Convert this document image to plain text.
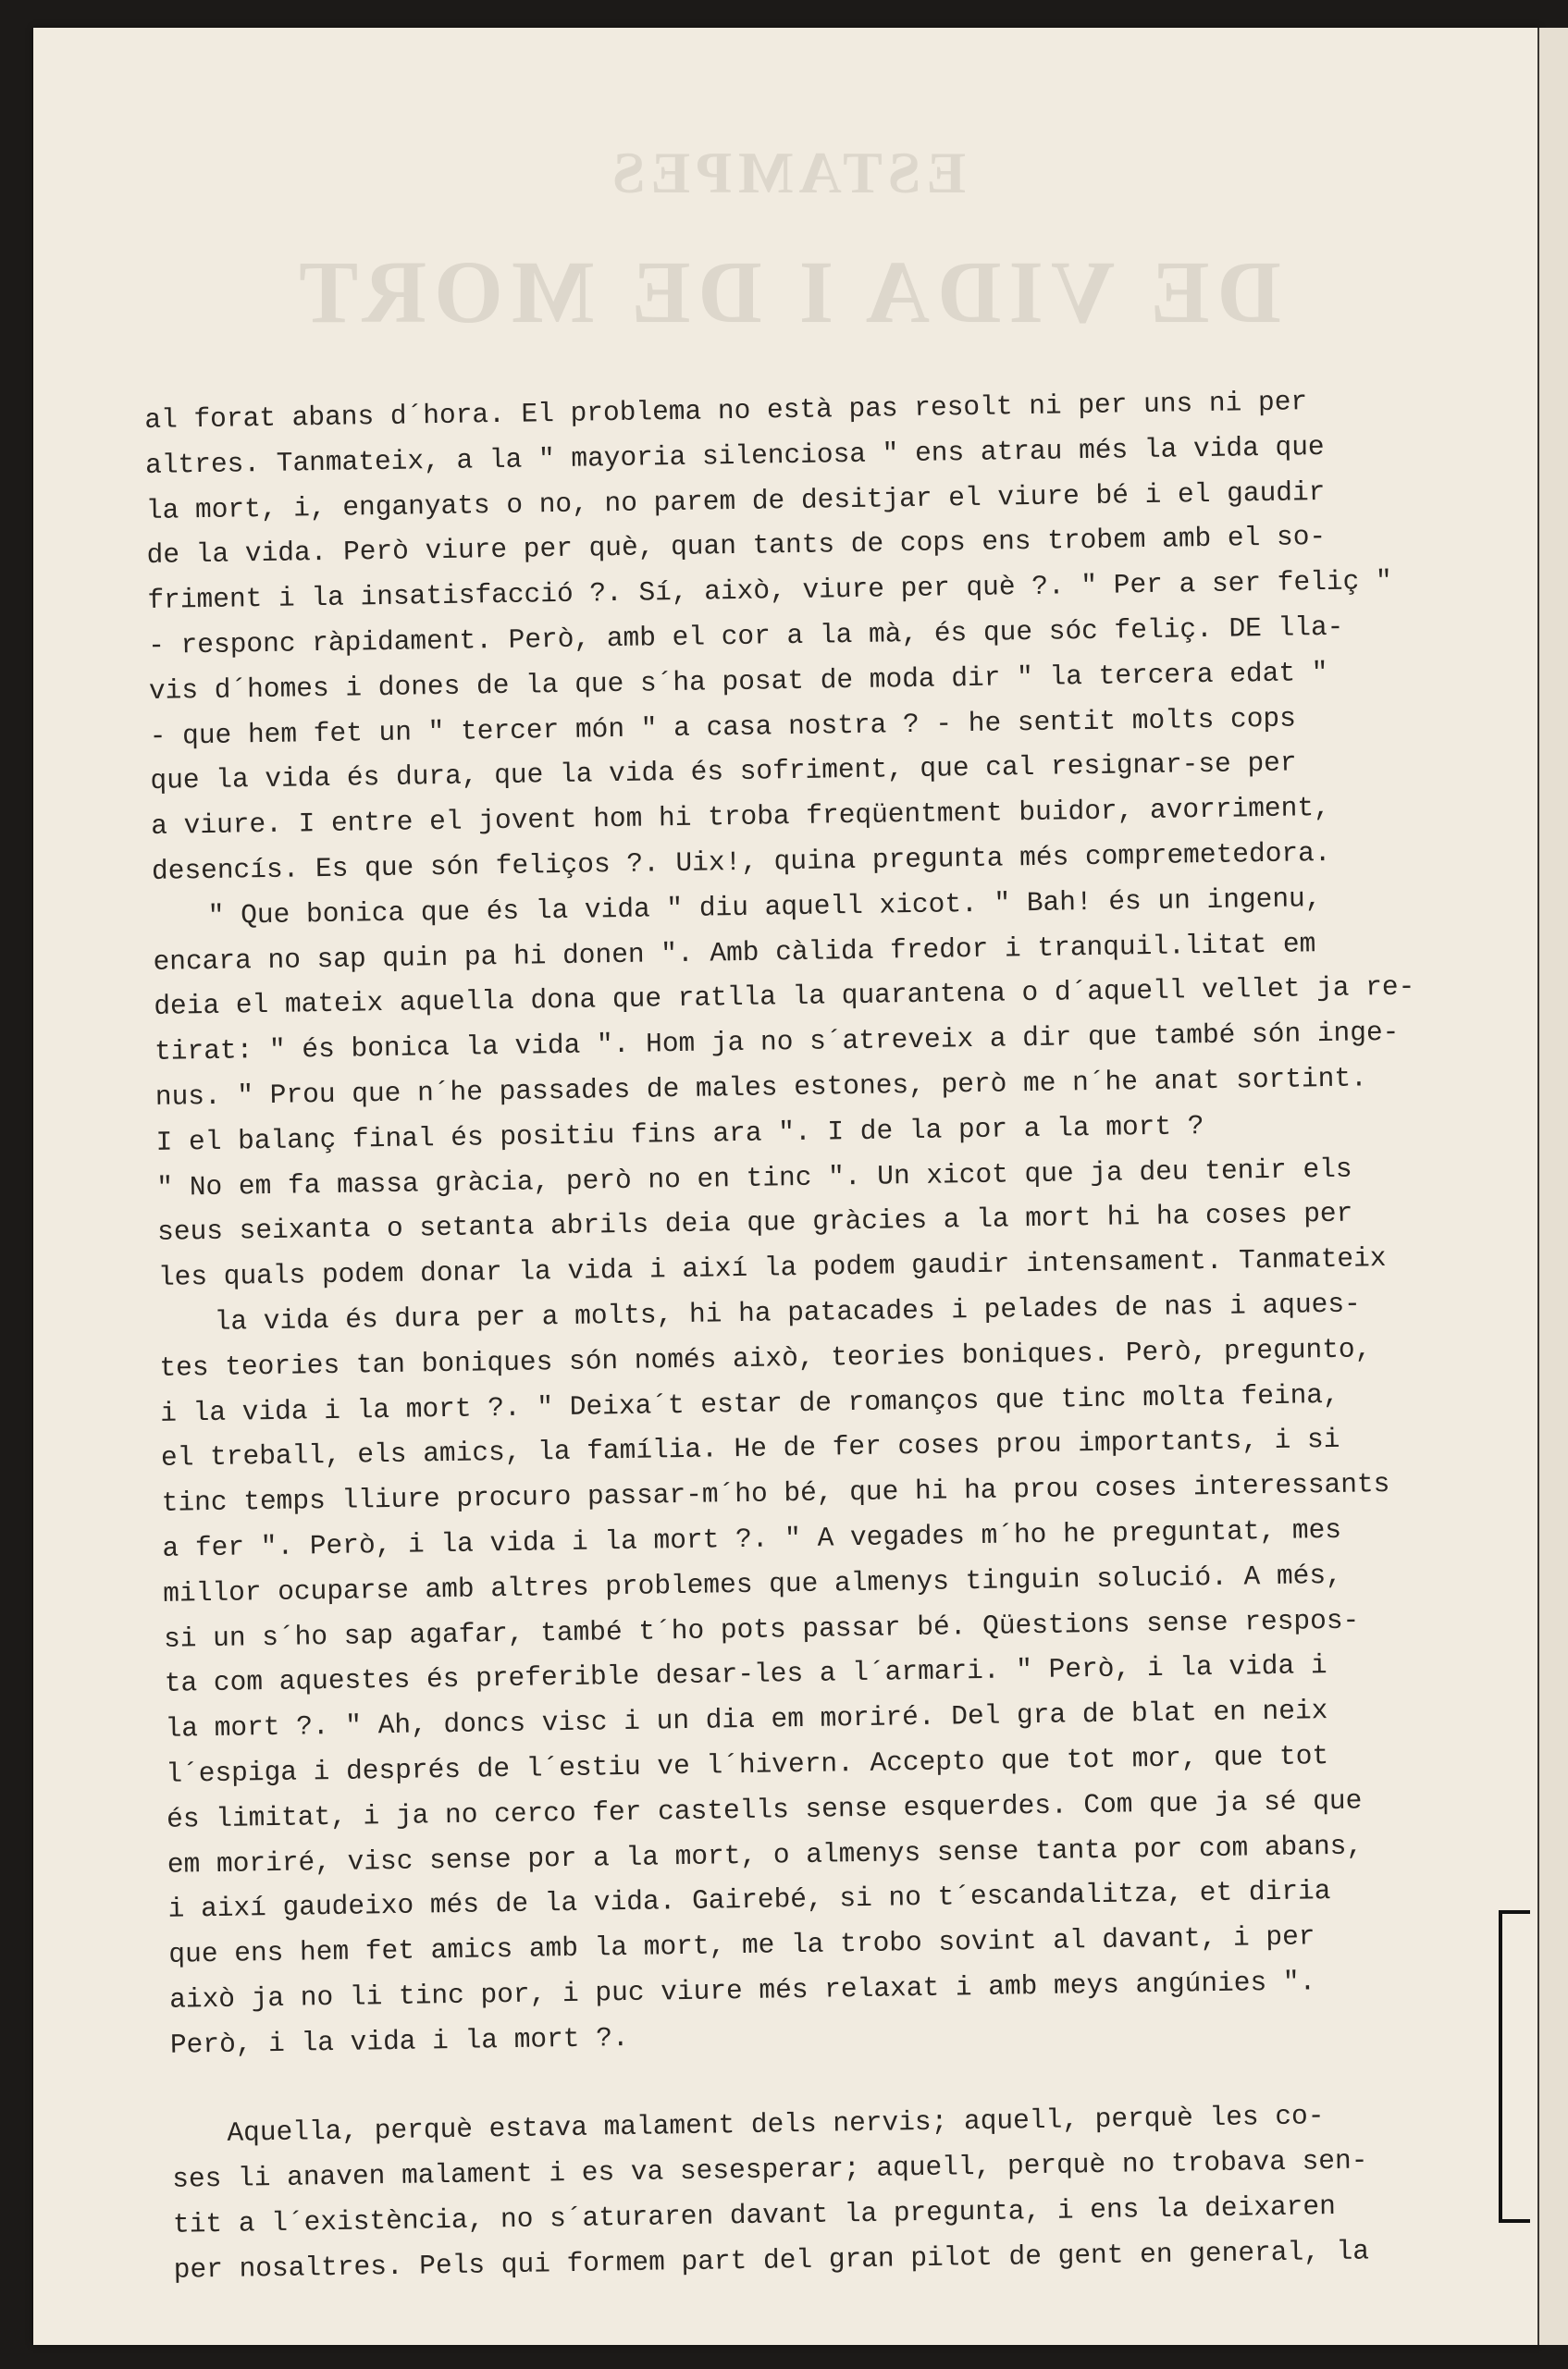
ESTAMPES
DE VIDA I DE MORT
al forat abans d´hora. El problema no està pas resolt ni per uns ni per
altres. Tanmateix, a la " mayoria silenciosa " ens atrau més la vida que
la mort, i, enganyats o no, no parem de desitjar el viure bé i el gaudir
de la vida. Però viure per què, quan tants de cops ens trobem amb el so-
friment i la insatisfacció ?. Sí, això, viure per què ?. " Per a ser feliç "
- responc ràpidament. Però, amb el cor a la mà, és que sóc feliç. DE lla-
vis d´homes i dones de la que s´ha posat de moda dir " la tercera edat "
- que hem fet un " tercer món " a casa nostra ? - he sentit molts cops
que la vida és dura, que la vida és sofriment, que cal resignar-se per
a viure. I entre el jovent hom hi troba freqüentment buidor, avorriment,
desencís. Es que són feliços ?. Uix!, quina pregunta més compremetedora.
" Que bonica que és la vida " diu aquell xicot. " Bah! és un ingenu,
encara no sap quin pa hi donen ". Amb càlida fredor i tranquil.litat em
deia el mateix aquella dona que ratlla la quarantena o d´aquell vellet ja re-
tirat: " és bonica la vida ". Hom ja no s´atreveix a dir que també són inge-
nus. " Prou que n´he passades de males estones, però me n´he anat sortint.
I el balanç final és positiu fins ara ". I de la por a la mort ?
" No em fa massa gràcia, però no en tinc ". Un xicot que ja deu tenir els
seus seixanta o setanta abrils deia que gràcies a la mort hi ha coses per
les quals podem donar la vida i així la podem gaudir intensament. Tanmateix
la vida és dura per a molts, hi ha patacades i pelades de nas i aques-
tes teories tan boniques són només això, teories boniques. Però, pregunto,
i la vida i la mort ?. " Deixa´t estar de romanços que tinc molta feina,
el treball, els amics, la família. He de fer coses prou importants, i si
tinc temps lliure procuro passar-m´ho bé, que hi ha prou coses interessants
a fer ". Però, i la vida i la mort ?. " A vegades m´ho he preguntat, mes
millor ocuparse amb altres problemes que almenys tinguin solució. A més,
si un s´ho sap agafar, també t´ho pots passar bé. Qüestions sense respos-
ta com aquestes és preferible desar-les a l´armari. " Però, i la vida i
la mort ?. " Ah, doncs visc i un dia em moriré. Del gra de blat en neix
l´espiga i després de l´estiu ve l´hivern. Accepto que tot mor, que tot
és limitat, i ja no cerco fer castells sense esquerdes. Com que ja sé que
em moriré, visc sense por a la mort, o almenys sense tanta por com abans,
i així gaudeixo més de la vida. Gairebé, si no t´escandalitza, et diria
que ens hem fet amics amb la mort, me la trobo sovint al davant, i per
això ja no li tinc por, i puc viure més relaxat i amb meys angúnies ".
Però, i la vida i la mort ?.
Aquella, perquè estava malament dels nervis; aquell, perquè les co-
ses li anaven malament i es va sesesperar; aquell, perquè no trobava sen-
tit a l´existència, no s´aturaren davant la pregunta, i ens la deixaren
per nosaltres. Pels qui formem part del gran pilot de gent en general, la
